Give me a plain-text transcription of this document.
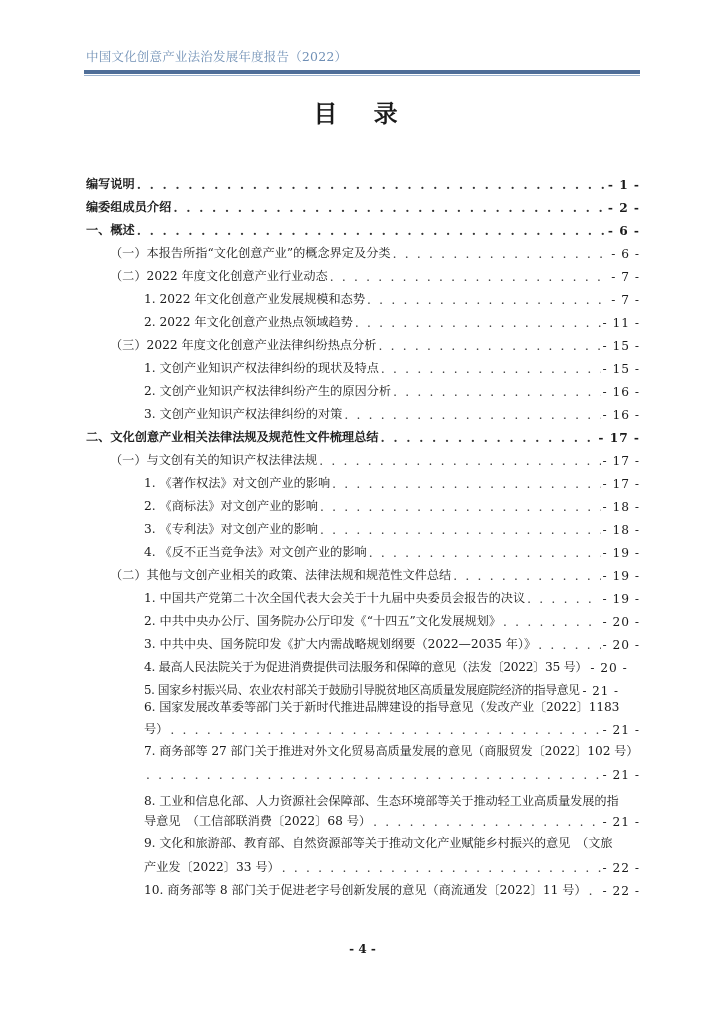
中国文化创意产业法治发展年度报告（2022）
目 录
编写说明 . . .	- 1 -
编委组成员介绍 . . .	- 2 -
一、概述 . . .	- 6 -
（一）本报告所指“文化创意产业”的概念界定及分类 . . .	- 6 -
（二）2022 年度文化创意产业行业动态 . . .	- 7 -
1. 2022 年文化创意产业发展规模和态势 . . .	- 7 -
2. 2022 年文化创意产业热点领域趋势 . . .	- 11 -
（三）2022 年度文化创意产业法律纠纷热点分析 . . .	- 15 -
1. 文创产业知识产权法律纠纷的现状及特点 . . .	- 15 -
2. 文创产业知识产权法律纠纷产生的原因分析 . . .	- 16 -
3. 文创产业知识产权法律纠纷的对策 . . .	- 16 -
二、文化创意产业相关法律法规及规范性文件梳理总结 . . .	- 17 -
（一）与文创有关的知识产权法律法规 . . .	- 17 -
1. 《著作权法》对文创产业的影响 . . .	- 17 -
2. 《商标法》对文创产业的影响 . . .	- 18 -
3. 《专利法》对文创产业的影响 . . .	- 18 -
4. 《反不正当竞争法》对文创产业的影响 . . .	- 19 -
（二）其他与文创产业相关的政策、法律法规和规范性文件总结 . . .	- 19 -
1. 中国共产党第二十次全国代表大会关于十九届中央委员会报告的决议 . . .	- 19 -
2. 中共中央办公厅、国务院办公厅印发《“十四五”文化发展规划》 . . .	- 20 -
3. 中共中央、国务院印发《扩大内需战略规划纲要（2022—2035 年）》 . . .	- 20 -
4. 最高人民法院关于为促进消费提供司法服务和保障的意见（法发〔2022〕35 号） - 20 -
5. 国家乡村振兴局、农业农村部关于鼓励引导脱贫地区高质量发展庭院经济的指导意见 - 21 -
6. 国家发展改革委等部门关于新时代推进品牌建设的指导意见（发改产业〔2022〕1183
号） . . .	- 21 -
7. 商务部等 27 部门关于推进对外文化贸易高质量发展的意见（商服贸发〔2022〕102 号）
. . .
- 21 -
8. 工业和信息化部、人力资源社会保障部、生态环境部等关于推动轻工业高质量发展的指
导意见　（工信部联消费〔2022〕68 号） . . .	- 21 -
9. 文化和旅游部、教育部、自然资源部等关于推动文化产业赋能乡村振兴的意见　（文旅
产业发〔2022〕33 号） . . .	- 22 -
10. 商务部等 8 部门关于促进老字号创新发展的意见（商流通发〔2022〕11 号） . . . - 22 -
- 4 -
